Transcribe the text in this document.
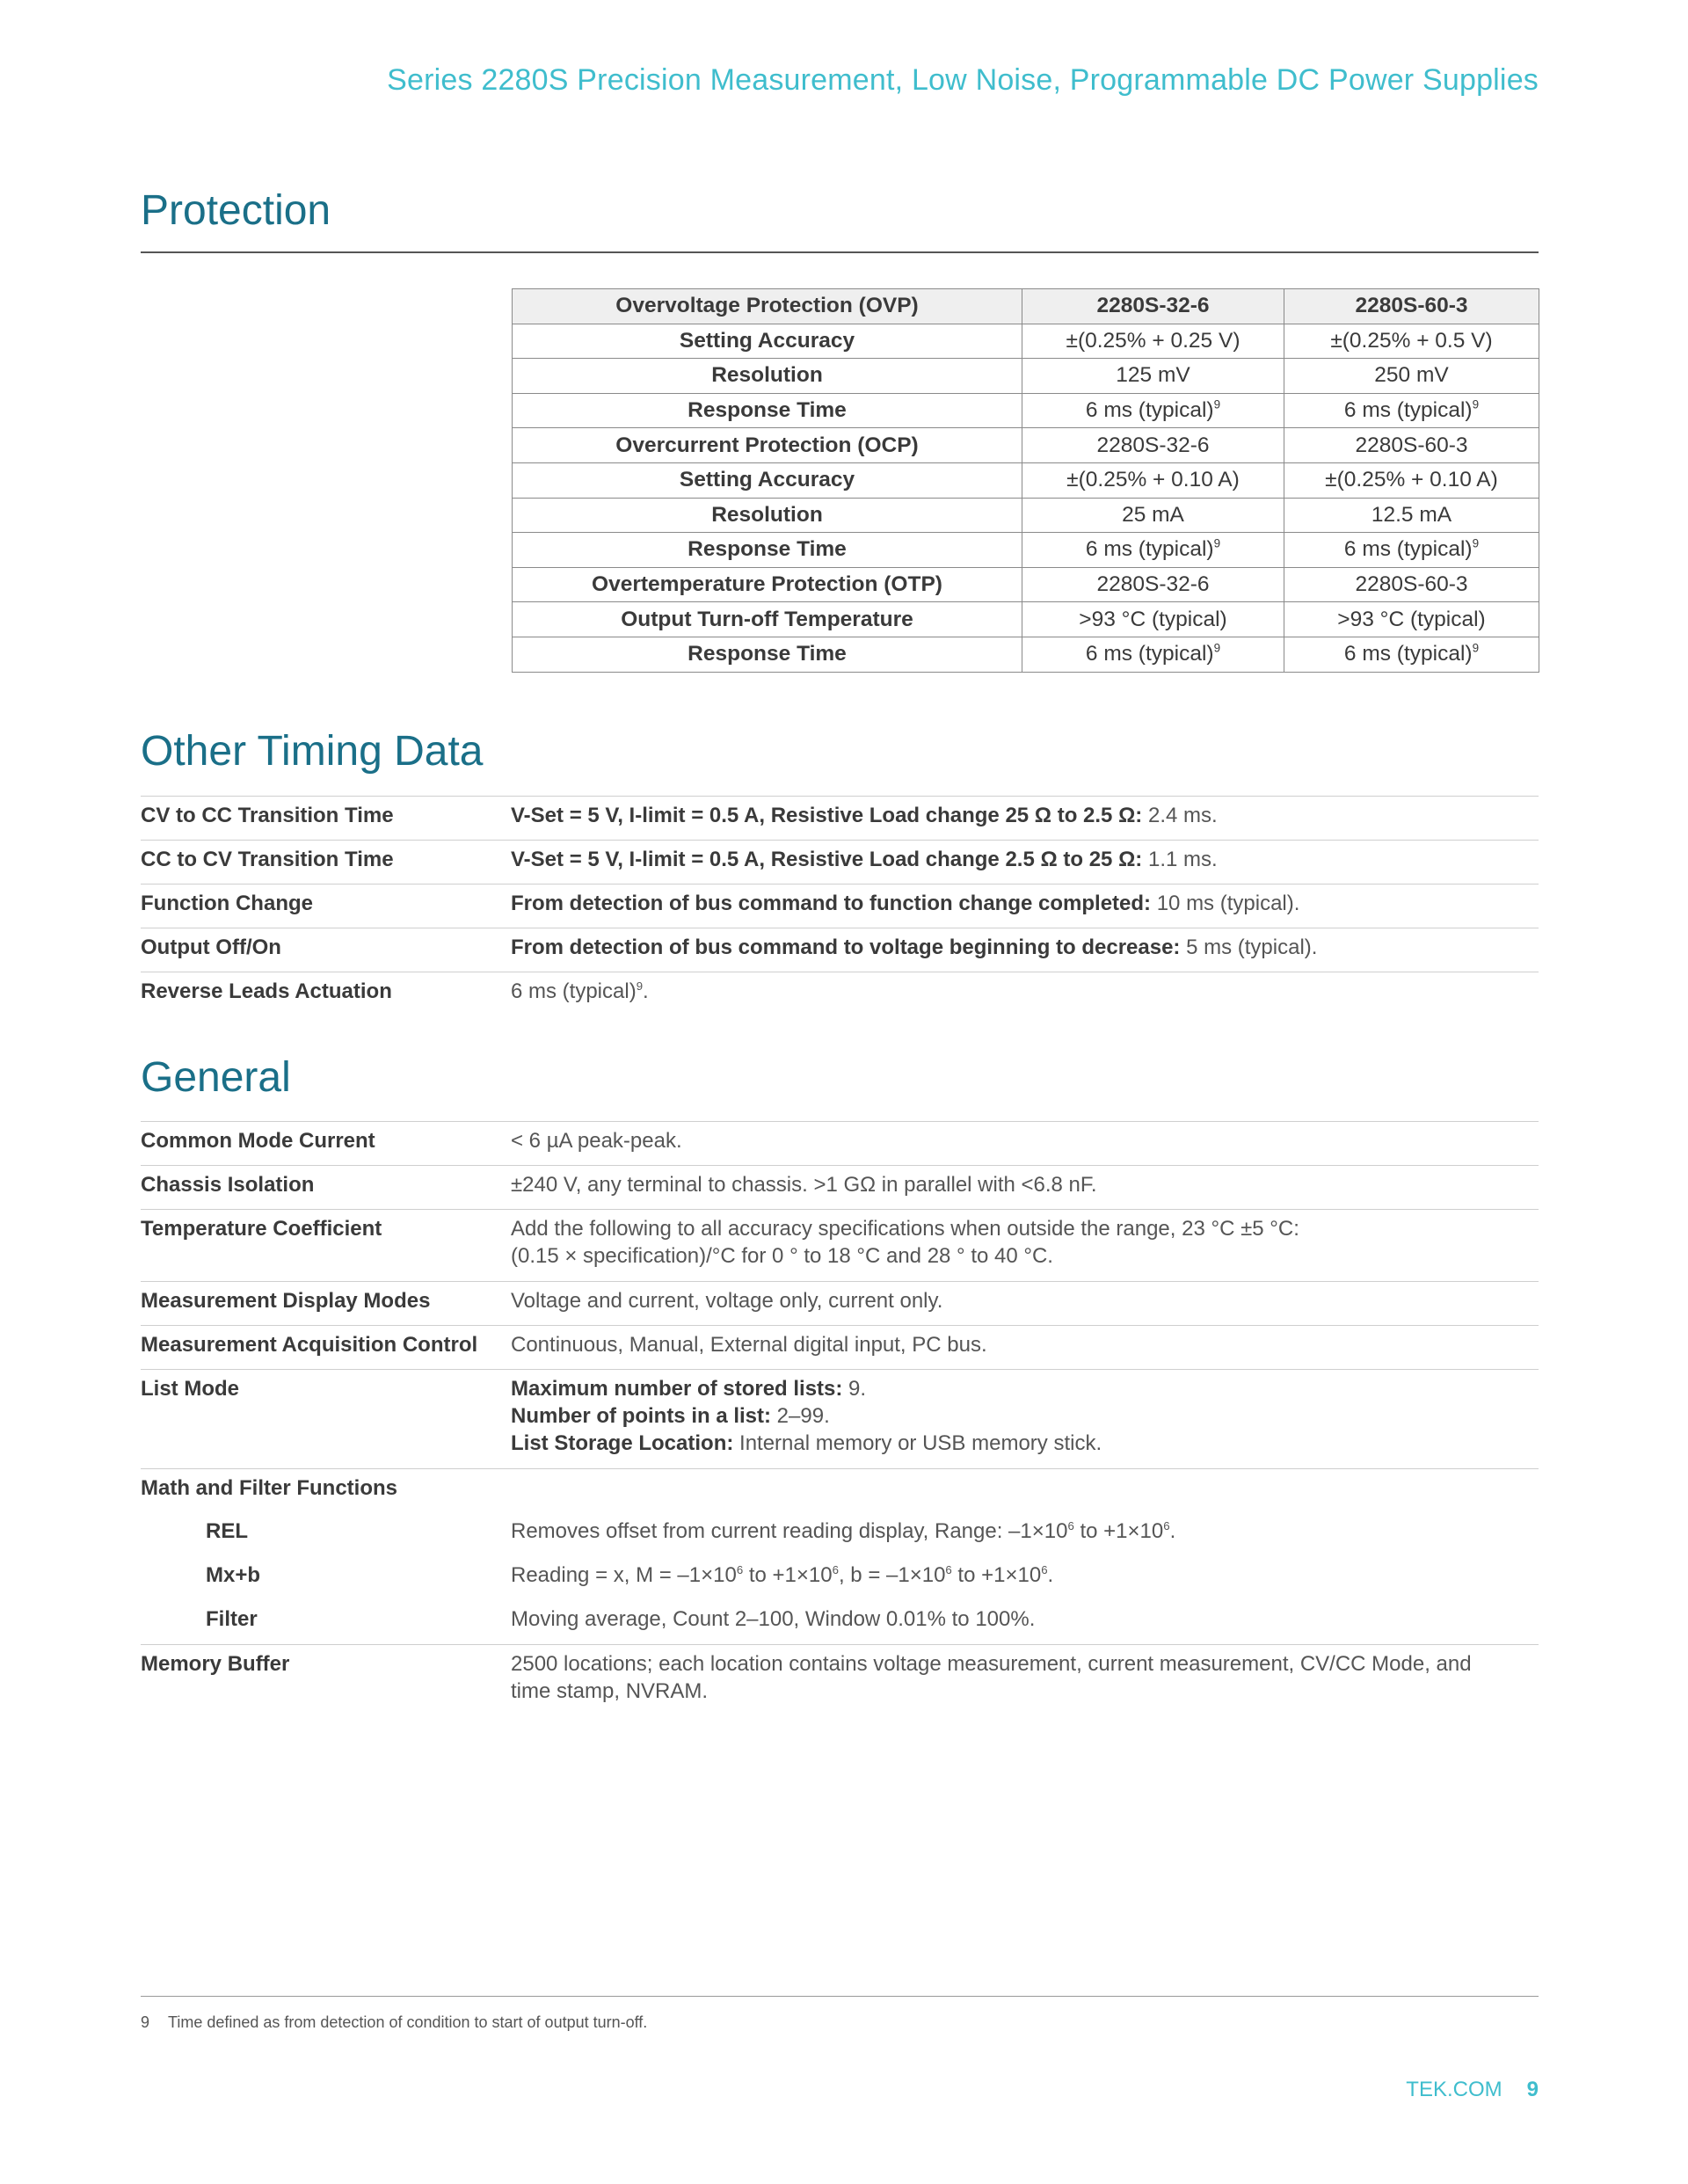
Series 2280S Precision Measurement, Low Noise, Programmable DC Power Supplies
Protection
Overvoltage Protection (OVP)	2280S-32-6	2280S-60-3
Setting Accuracy	±(0.25% + 0.25 V)	±(0.25% + 0.5 V)
Resolution	125 mV	250 mV
Response Time	6 ms (typical)$^9$	6 ms (typical)$^9$
Overcurrent Protection (OCP)	2280S-32-6	2280S-60-3
Setting Accuracy	±(0.25% + 0.10 A)	±(0.25% + 0.10 A)
Resolution	25 mA	12.5 mA
Response Time	6 ms (typical)$^9$	6 ms (typical)$^9$
Overtemperature Protection (OTP)	2280S-32-6	2280S-60-3
Output Turn-off Temperature	>93 °C (typical)	>93 °C (typical)
Response Time	6 ms (typical)$^9$	6 ms (typical)$^9$
Other Timing Data
CV to CC Transition Time	V-Set = 5 V, I-limit = 0.5 A, Resistive Load change 25 Ω to 2.5 Ω: 2.4 ms.
CC to CV Transition Time	V-Set = 5 V, I-limit = 0.5 A, Resistive Load change 2.5 Ω to 25 Ω: 1.1 ms.
Function Change	From detection of bus command to function change completed: 10 ms (typical).
Output Off/On	From detection of bus command to voltage beginning to decrease: 5 ms (typical).
Reverse Leads Actuation	6 ms (typical)$^9$.
General
Common Mode Current	< 6 µA peak-peak.
Chassis Isolation	±240 V, any terminal to chassis. >1 GΩ in parallel with <6.8 nF.
Temperature Coefficient	Add the following to all accuracy specifications when outside the range, 23 °C ±5 °C:
(0.15 × specification)/°C for 0 ° to 18 °C and 28 ° to 40 °C.
Measurement Display Modes	Voltage and current, voltage only, current only.
Measurement Acquisition Control	Continuous, Manual, External digital input, PC bus.
List Mode	Maximum number of stored lists: 9.
Number of points in a list: 2–99.
List Storage Location: Internal memory or USB memory stick.
Math and Filter Functions
REL	Removes offset from current reading display, Range: $-1\times 10^6$ to $+1\times 10^6$.
Mx+b	Reading = x, $M = -1\times 10^6$ to $+1\times 10^6$, $b = -1\times 10^6$ to $+1\times 10^6$.
Filter	Moving average, Count 2–100, Window 0.01% to 100%.
Memory Buffer	2500 locations; each location contains voltage measurement, current measurement, CV/CC Mode, and
time stamp, NVRAM.
9 Time defined as from detection of condition to start of output turn-off.
TEK.COM 9
